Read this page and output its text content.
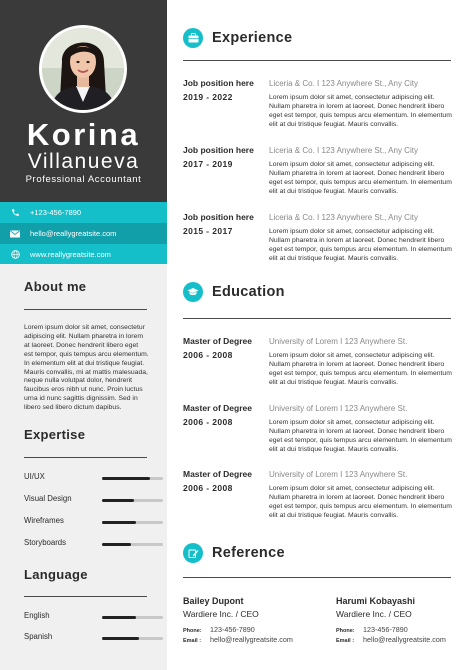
Korina
Villanueva
Professional Accountant
+123-456-7890
hello@reallygreatsite.com
www.reallygreatsite.com
About me
Lorem ipsum dolor sit amet, consectetur adipiscing elit. Nullam pharetra in lorem at laoreet. Donec hendrerit libero eget est tempor, quis tempus arcu elementum. In elementum elit at dui tristique feugiat. Mauris convallis, mi at mattis malesuada, neque nulla volutpat dolor, hendrerit faucibus eros nibh ut nunc. Proin luctus urna id nunc sagittis dignissim. Sed in libero sed libero dictum dapibus.
Expertise
UI/UX
Visual Design
Wireframes
Storyboards
Language
English
Spanish
Experience
Job position here
2019 - 2022
Liceria & Co. I 123 Anywhere St., Any City
Lorem ipsum dolor sit amet, consectetur adipiscing elit. Nullam pharetra in lorem at laoreet. Donec hendrerit libero eget est tempor, quis tempus arcu elementum. In elementum elit at dui tristique feugiat. Mauris convallis.
Job position here
2017 - 2019
Liceria & Co. I 123 Anywhere St., Any City
Lorem ipsum dolor sit amet, consectetur adipiscing elit. Nullam pharetra in lorem at laoreet. Donec hendrerit libero eget est tempor, quis tempus arcu elementum. In elementum elit at dui tristique feugiat. Mauris convallis.
Job position here
2015 - 2017
Liceria & Co. I 123 Anywhere St., Any City
Lorem ipsum dolor sit amet, consectetur adipiscing elit. Nullam pharetra in lorem at laoreet. Donec hendrerit libero eget est tempor, quis tempus arcu elementum. In elementum elit at dui tristique feugiat. Mauris convallis.
Education
Master of Degree
2006 - 2008
University of Lorem I 123 Anywhere St.
Lorem ipsum dolor sit amet, consectetur adipiscing elit. Nullam pharetra in lorem at laoreet. Donec hendrerit libero eget est tempor, quis tempus arcu elementum. In elementum elit at dui tristique feugiat. Mauris convallis.
Master of Degree
2006 - 2008
University of Lorem I 123 Anywhere St.
Lorem ipsum dolor sit amet, consectetur adipiscing elit. Nullam pharetra in lorem at laoreet. Donec hendrerit libero eget est tempor, quis tempus arcu elementum. In elementum elit at dui tristique feugiat. Mauris convallis.
Master of Degree
2006 - 2008
University of Lorem I 123 Anywhere St.
Lorem ipsum dolor sit amet, consectetur adipiscing elit. Nullam pharetra in lorem at laoreet. Donec hendrerit libero eget est tempor, quis tempus arcu elementum. In elementum elit at dui tristique feugiat. Mauris convallis.
Reference
Bailey Dupont
Wardiere Inc. / CEO
Phone: 123-456-7890
Email : hello@reallygreatsite.com
Harumi Kobayashi
Wardiere Inc. / CEO
Phone: 123-456-7890
Email : hello@reallygreatsite.com
